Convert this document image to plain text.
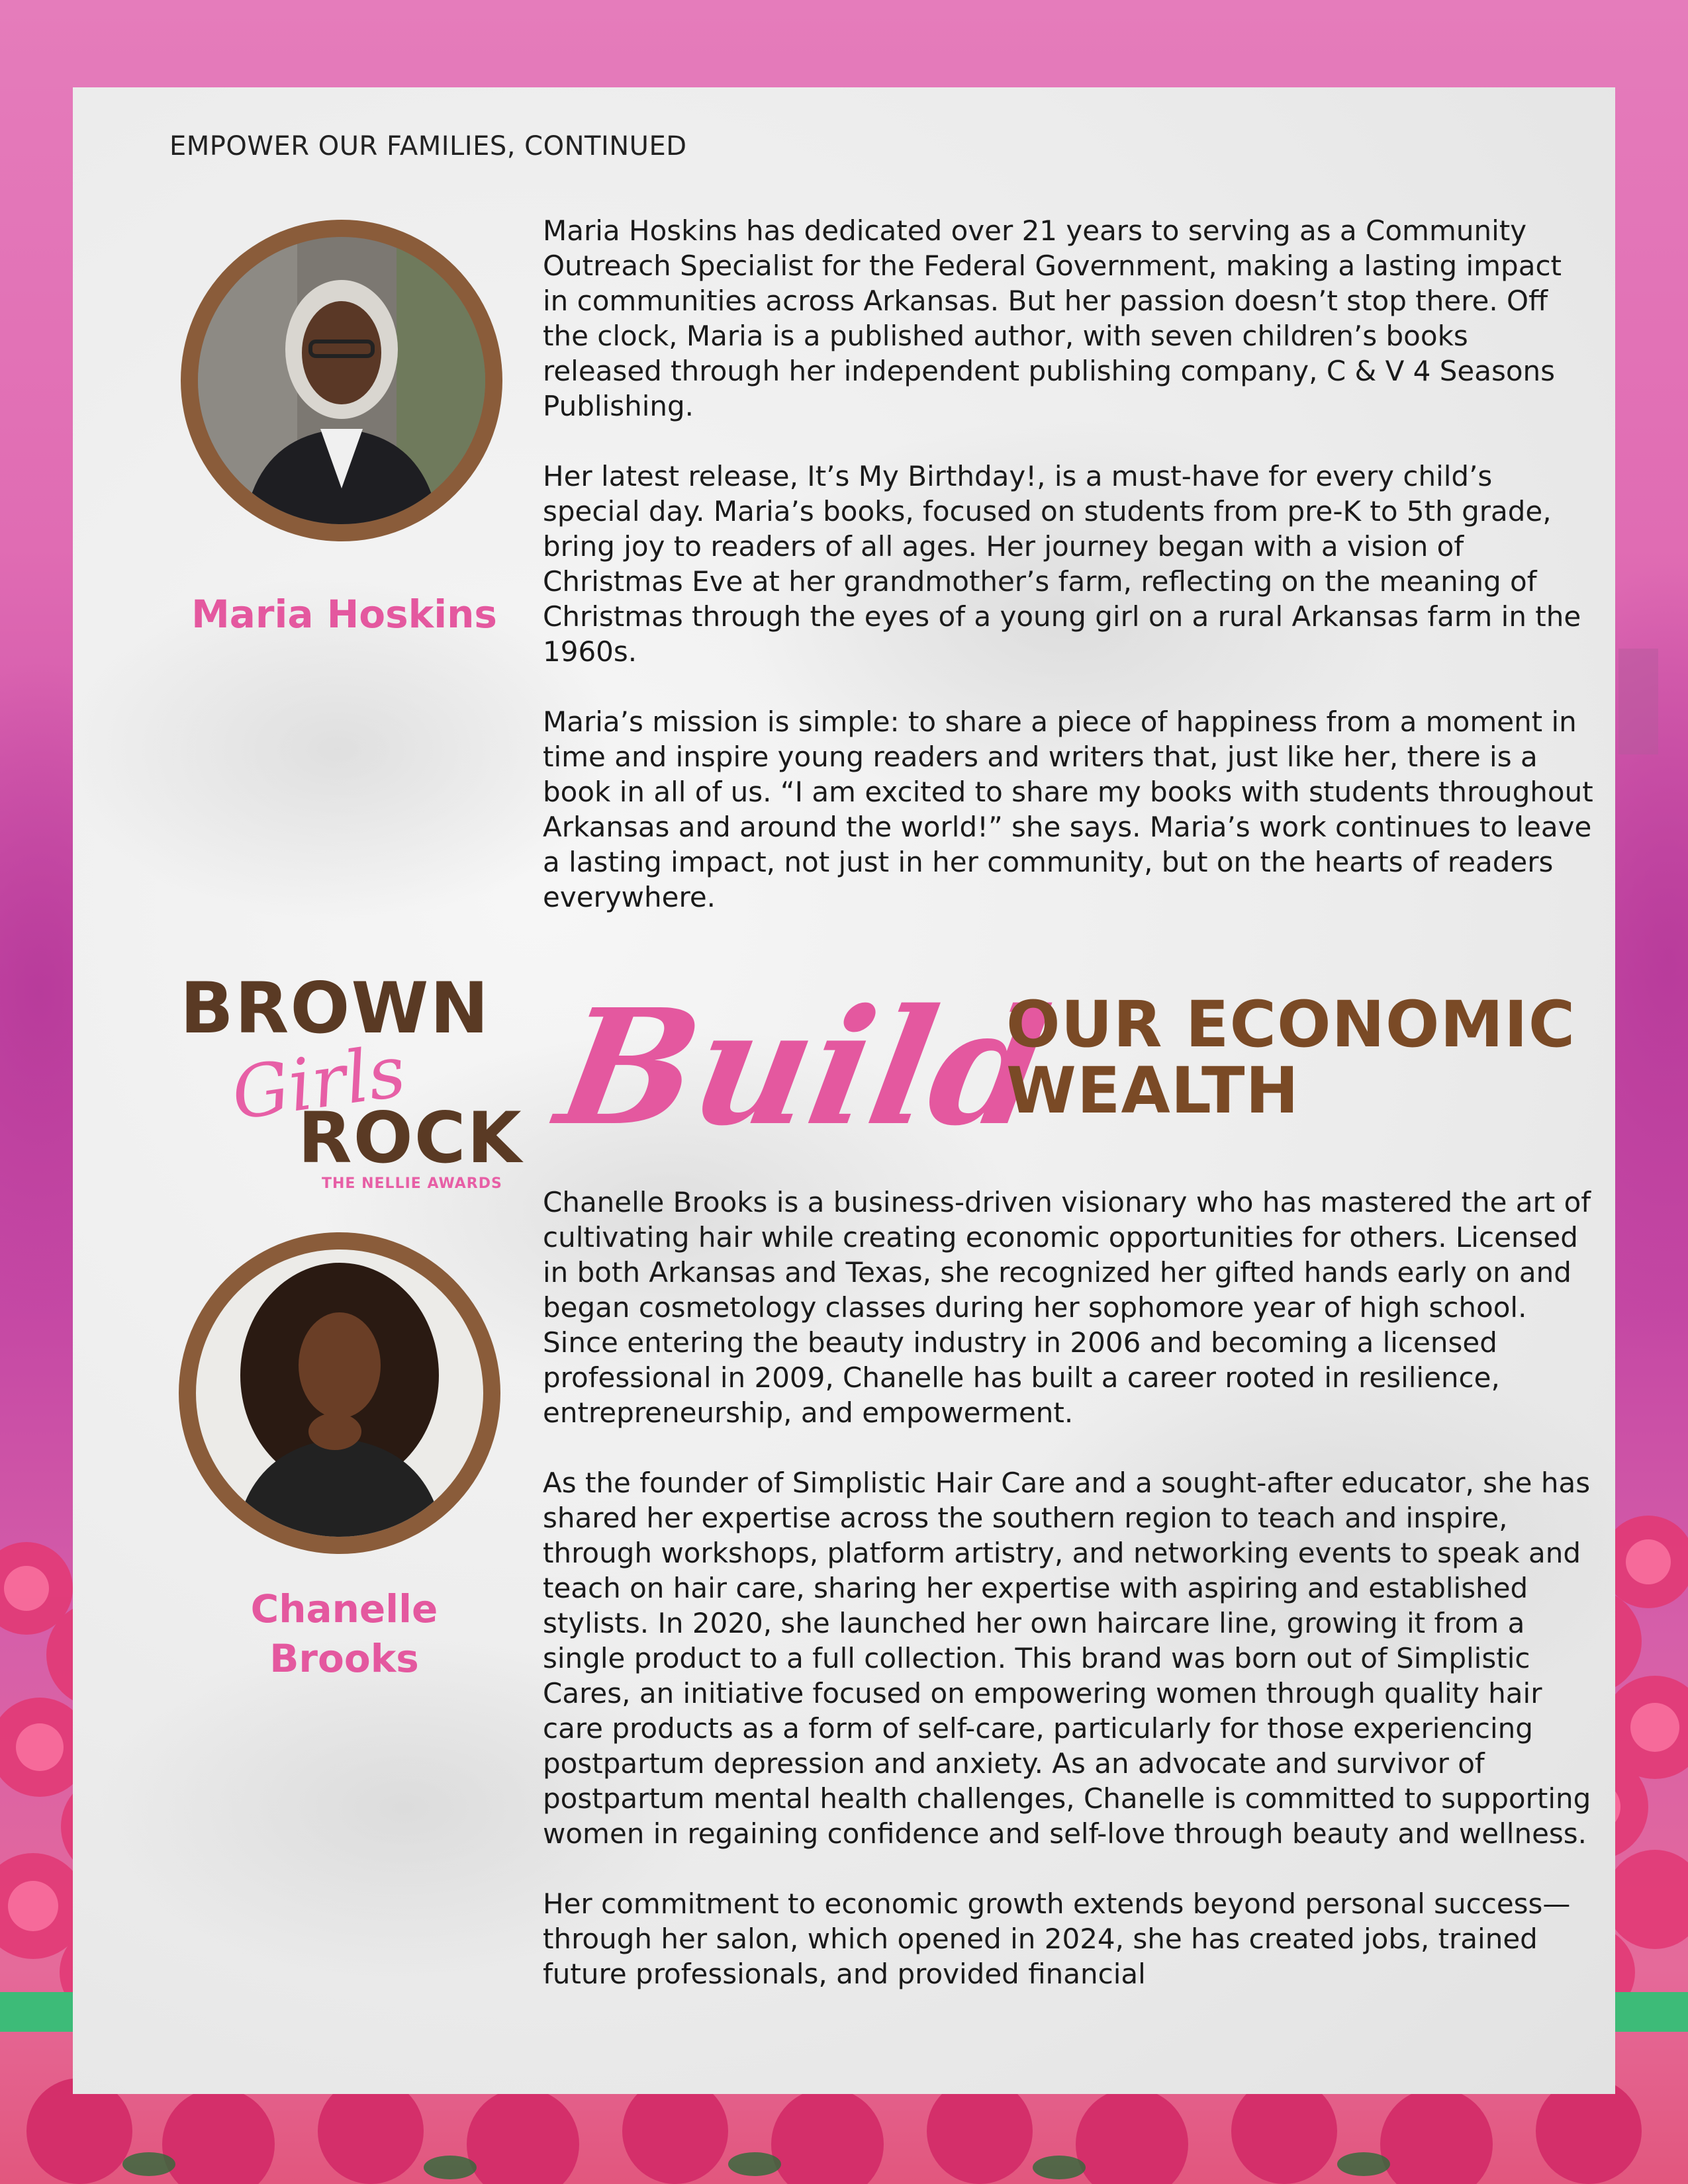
EMPOWER OUR FAMILIES, CONTINUED
Maria Hoskins

Maria Hoskins has dedicated over 21 years to serving as a Community Outreach Specialist for the Federal Government, making a lasting impact in communities across Arkansas. But her passion doesn’t stop there. Off the clock, Maria is a published author, with seven children’s books released through her independent publishing company, C & V 4 Seasons Publishing.

Her latest release, It’s My Birthday!, is a must-have for every child’s special day. Maria’s books, focused on students from pre-K to 5th grade, bring joy to readers of all ages. Her journey began with a vision of Christmas Eve at her grandmother’s farm, reflecting on the meaning of Christmas through the eyes of a young girl on a rural Arkansas farm in the 1960s.

Maria’s mission is simple: to share a piece of happiness from a moment in time and inspire young readers and writers that, just like her, there is a book in all of us. “I am excited to share my books with students throughout Arkansas and around the world!” she says. Maria’s work continues to leave a lasting impact, not just in her community, but on the hearts of readers everywhere.

BROWN
Girls
ROCK
THE NELLIE AWARDS
Build
OUR ECONOMIC
WEALTH
Chanelle
Brooks

Chanelle Brooks is a business-driven visionary who has mastered the art of cultivating hair while creating economic opportunities for others. Licensed in both Arkansas and Texas, she recognized her gifted hands early on and began cosmetology classes during her sophomore year of high school. Since entering the beauty industry in 2006 and becoming a licensed professional in 2009, Chanelle has built a career rooted in resilience, entrepreneurship, and empowerment.

As the founder of Simplistic Hair Care and a sought-after educator, she has shared her expertise across the southern region to teach and inspire, through workshops, platform artistry, and networking events to speak and teach on hair care, sharing her expertise with aspiring and established stylists. In 2020, she launched her own haircare line, growing it from a single product to a full collection. This brand was born out of Simplistic Cares, an initiative focused on empowering women through quality hair care products as a form of self-care, particularly for those experiencing postpartum depression and anxiety. As an advocate and survivor of postpartum mental health challenges, Chanelle is committed to supporting women in regaining confidence and self-love through beauty and wellness.

Her commitment to economic growth extends beyond personal success—through her salon, which opened in 2024, she has created jobs, trained future professionals, and provided financial
